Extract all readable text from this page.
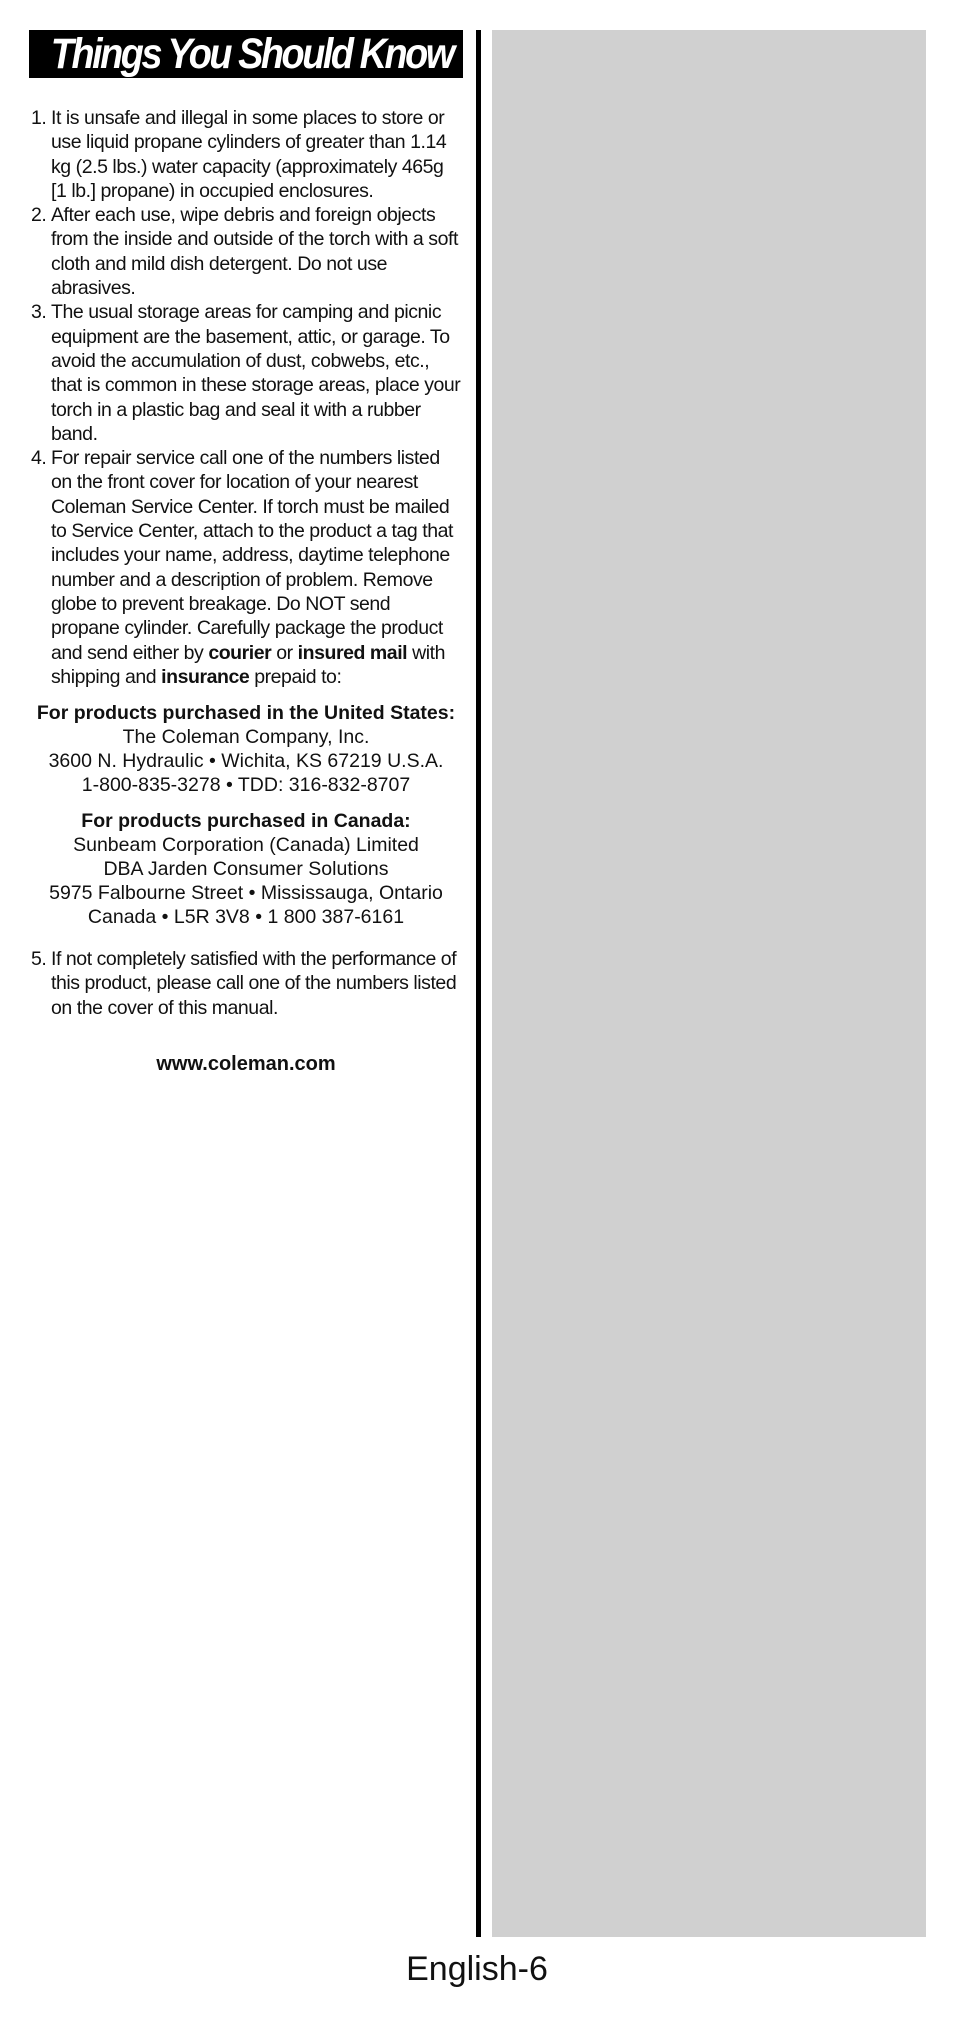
Things You Should Know
1. It is unsafe and illegal in some places to store or use liquid propane cylinders of greater than 1.14 kg (2.5 lbs.) water capacity (approximately 465g [1 lb.] propane) in occupied enclosures.
2. After each use, wipe debris and foreign objects from the inside and outside of the torch with a soft cloth and mild dish detergent. Do not use abrasives.
3. The usual storage areas for camping and picnic equipment are the basement, attic, or garage. To avoid the accumulation of dust, cobwebs, etc., that is common in these storage areas, place your torch in a plastic bag and seal it with a rubber band.
4. For repair service call one of the numbers listed on the front cover for location of your nearest Coleman Service Center. If torch must be mailed to Service Center, attach to the product a tag that includes your name, address, daytime telephone number and a description of problem. Remove globe to prevent breakage. Do NOT send propane cylinder. Carefully package the product and send either by courier or insured mail with shipping and insurance prepaid to:
For products purchased in the United States:
The Coleman Company, Inc.
3600 N. Hydraulic • Wichita, KS 67219 U.S.A.
1-800-835-3278 • TDD: 316-832-8707
For products purchased in Canada:
Sunbeam Corporation (Canada) Limited
DBA Jarden Consumer Solutions
5975 Falbourne Street • Mississauga, Ontario
Canada • L5R 3V8 • 1 800 387-6161
5. If not completely satisfied with the performance of this product, please call one of the numbers listed on the cover of this manual.
www.coleman.com
English-6
